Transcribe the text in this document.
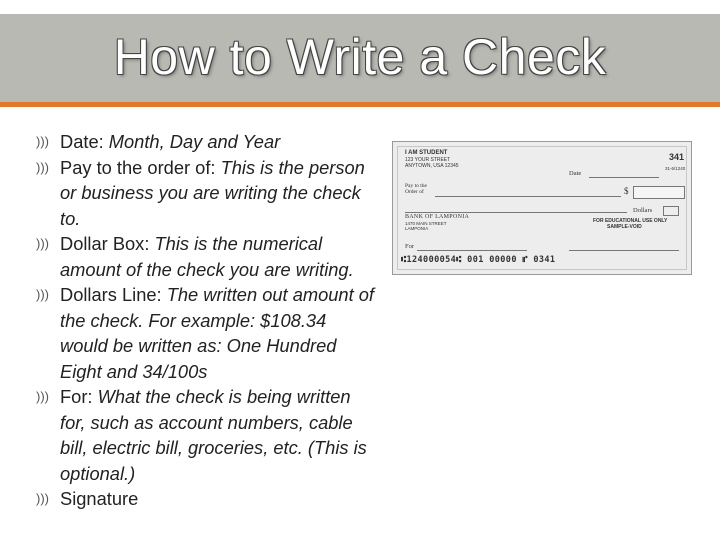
How to Write a Check
))) Date: Month, Day and Year
))) Pay to the order of: This is the person or business you are writing the check to.
))) Dollar Box: This is the numerical amount of the check you are writing.
))) Dollars Line: The written out amount of the check. For example: $108.34 would be written as: One Hundred Eight and 34/100s
))) For: What the check is being written for, such as account numbers, cable bill, electric bill, groceries, etc. (This is optional.)
))) Signature
I AM STUDENT
123 YOUR STREET
ANYTOWN, USA 12345
341
31-6/1240
Date
Pay to the Order of	$
Dollars
BANK OF LAMPONIA
1470 MAIN STREET
LAMPONIA
FOR EDUCATIONAL USE ONLY
SAMPLE-VOID
For
⑆124000054⑆ 001 00000 ⑈ 0341
